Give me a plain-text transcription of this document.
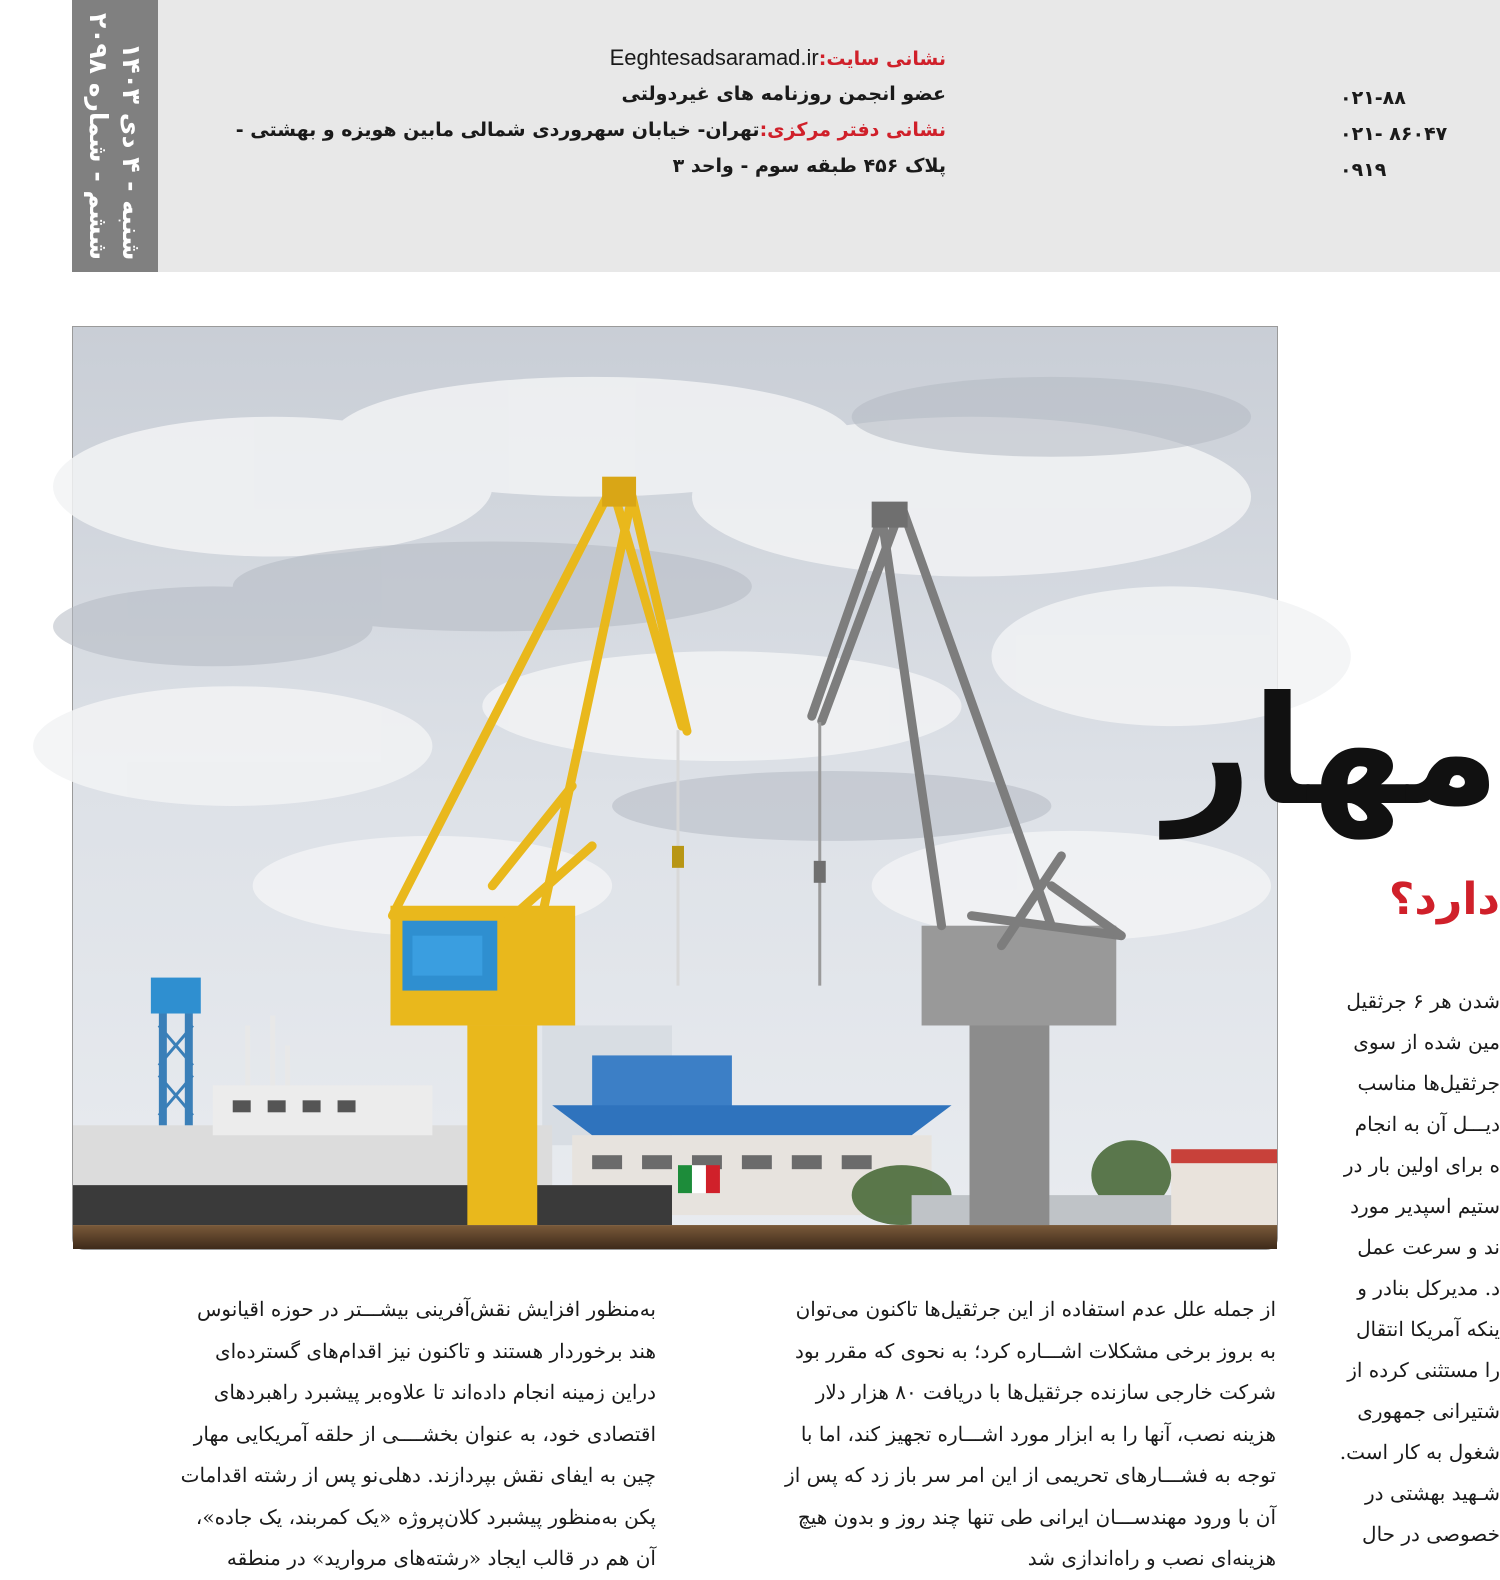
شنبه - ۴ دی ۱۴۰۳
ششم - شماره ۲۰۹۸
نشانی سایت:Eeghtesadsaramad.ir
عضو انجمن روزنامه های غیردولتی
نشانی دفتر مرکزی:تهران- خیابان سهروردی شمالی مابین هویزه و بهشتی -
پلاک ۴۵۶ طبقه سوم - واحد ۳
۰۲۱-۸۸
۰۲۱- ۸۶۰۴۷
۰۹۱۹
مهار
دارد؟
شدن هر ۶ جرثقیل
مین شده از سوی
جرثقیل‌ها مناسب
دیـــل آن به انجام
ه برای اولین بار در
ستیم اسپدیر مورد
ند و سرعت عمل
د. مدیرکل بنادر و
ینکه آمریکا انتقال
را مستثنی کرده از
شتیرانی جمهوری
شغول به کار است.
شـهید بهشتی در
خصوصی در حال
از جمله علل عدم استفاده از این جرثقیل‌ها تاکنون می‌توان
به بروز برخی مشکلات اشـــاره کرد؛ به نحوی که مقرر بود
شرکت خارجی سازنده جرثقیل‌ها با دریافت ۸۰ هزار دلار
هزینه نصب، آنها را به ابزار مورد اشـــاره تجهیز کند، اما با
توجه به فشـــارهای تحریمی از این امر سر باز زد که پس از
آن با ورود مهندســـان ایرانی طی تنها چند روز و بدون هیچ
هزینه‌ای نصب و راه‌اندازی شد
به‌منظور افزایش نقش‌آفرینی بیشـــتر در حوزه اقیانوس
هند برخوردار هستند و تاکنون نیز اقدام‌های گسترده‌ای
دراین زمینه انجام داده‌اند تا علاوه‌بر پیشبرد راهبردهای
اقتصادی خود، به عنوان بخشــــی از حلقه آمریکایی مهار
چین به ایفای نقش بپردازند. دهلی‌نو پس از رشته اقدامات
پکن به‌منظور پیشبرد کلان‌پروژه «یک کمربند، یک جاده»،
آن هم در قالب ایجاد «رشته‌های مروارید» در منطقه
